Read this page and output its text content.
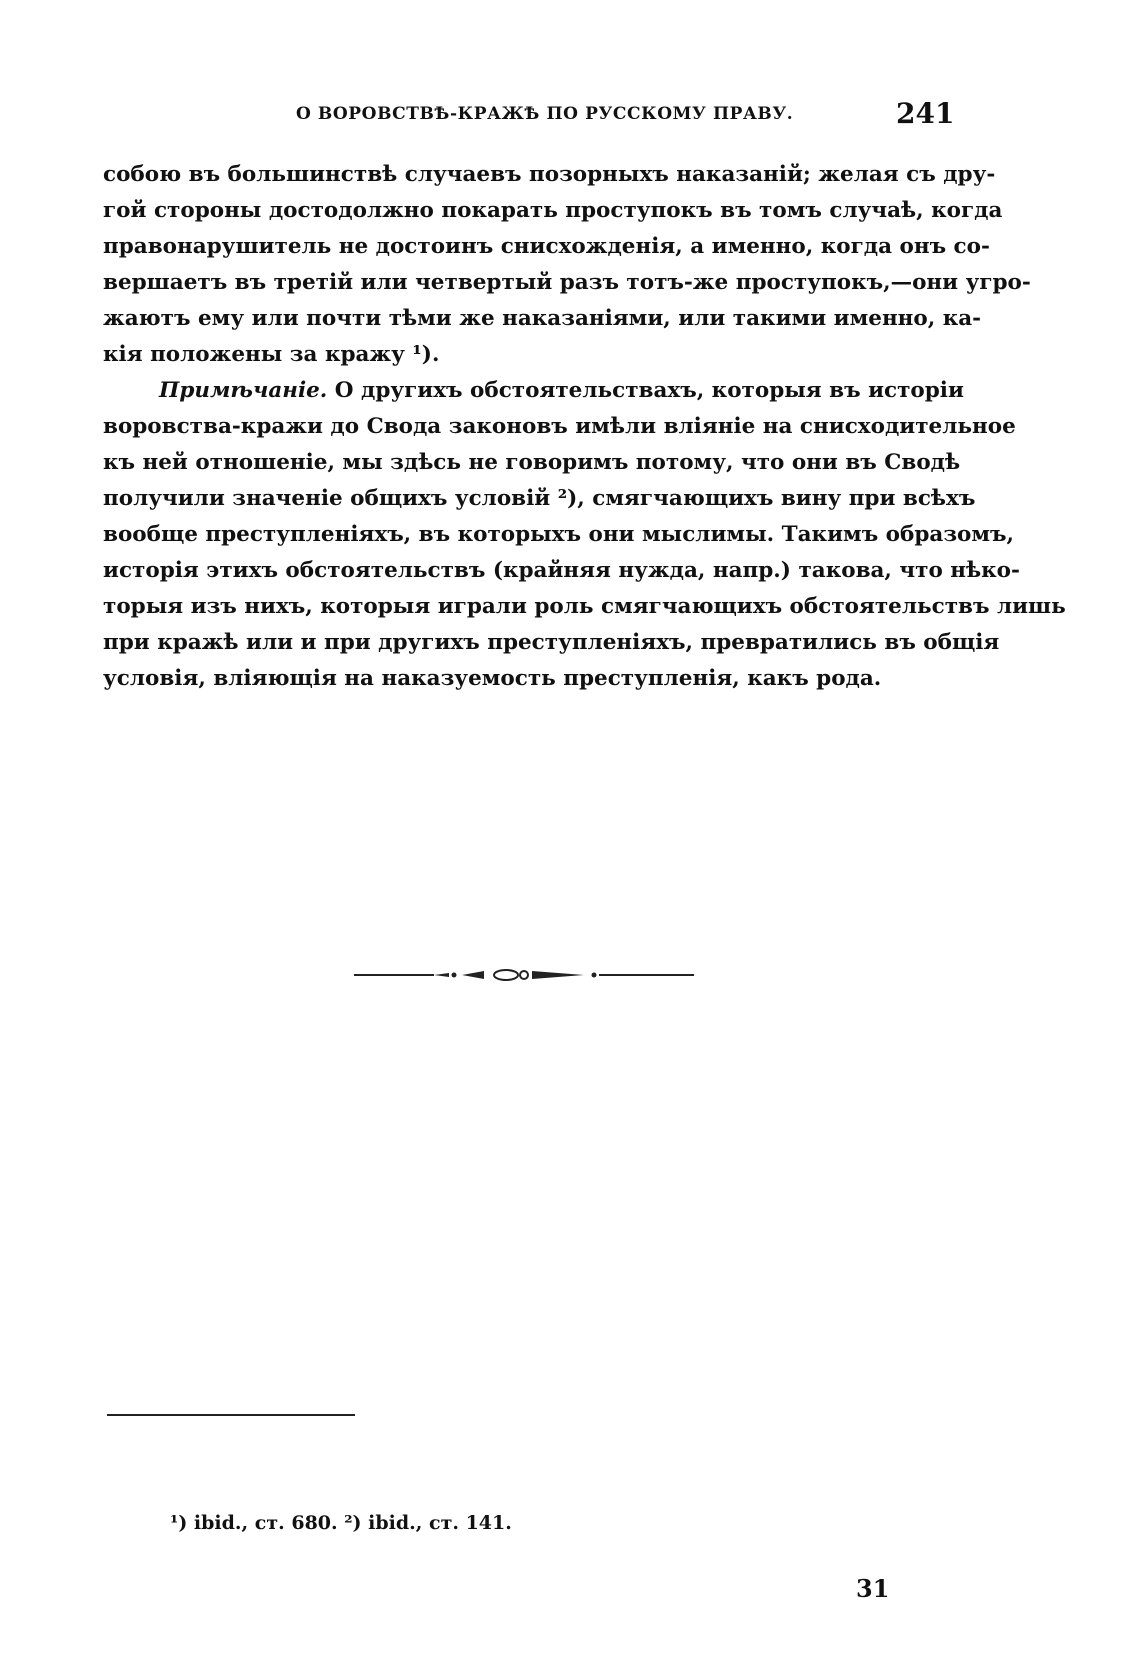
О ВОРОВСТВѢ-КРАЖѢ ПО РУССКОМУ ПРАВУ.	241
собою въ большинствѣ случаевъ позорныхъ наказаній; желая съ дру-
гой стороны достодолжно покарать проступокъ въ томъ случаѣ, когда
правонарушитель не достоинъ снисхожденія, а именно, когда онъ со-
вершаетъ въ третій или четвертый разъ тотъ-же проступокъ,—они угро-
жаютъ ему или почти тѣми же наказаніями, или такими именно, ка-
кія положены за кражу ¹).
Примѣчаніе. О другихъ обстоятельствахъ, которыя въ исторіи
воровства-кражи до Свода законовъ имѣли вліяніе на снисходительное
къ ней отношеніе, мы здѣсь не говоримъ потому, что они въ Сводѣ
получили значеніе общихъ условій ²), смягчающихъ вину при всѣхъ
вообще преступленіяхъ, въ которыхъ они мыслимы. Такимъ образомъ,
исторія этихъ обстоятельствъ (крайняя нужда, напр.) такова, что нѣко-
торыя изъ нихъ, которыя играли роль смягчающихъ обстоятельствъ лишь
при кражѣ или и при другихъ преступленіяхъ, превратились въ общія
условія, вліяющія на наказуемость преступленія, какъ рода.
¹) ibid., ст. 680. ²) ibid., ст. 141.
31
